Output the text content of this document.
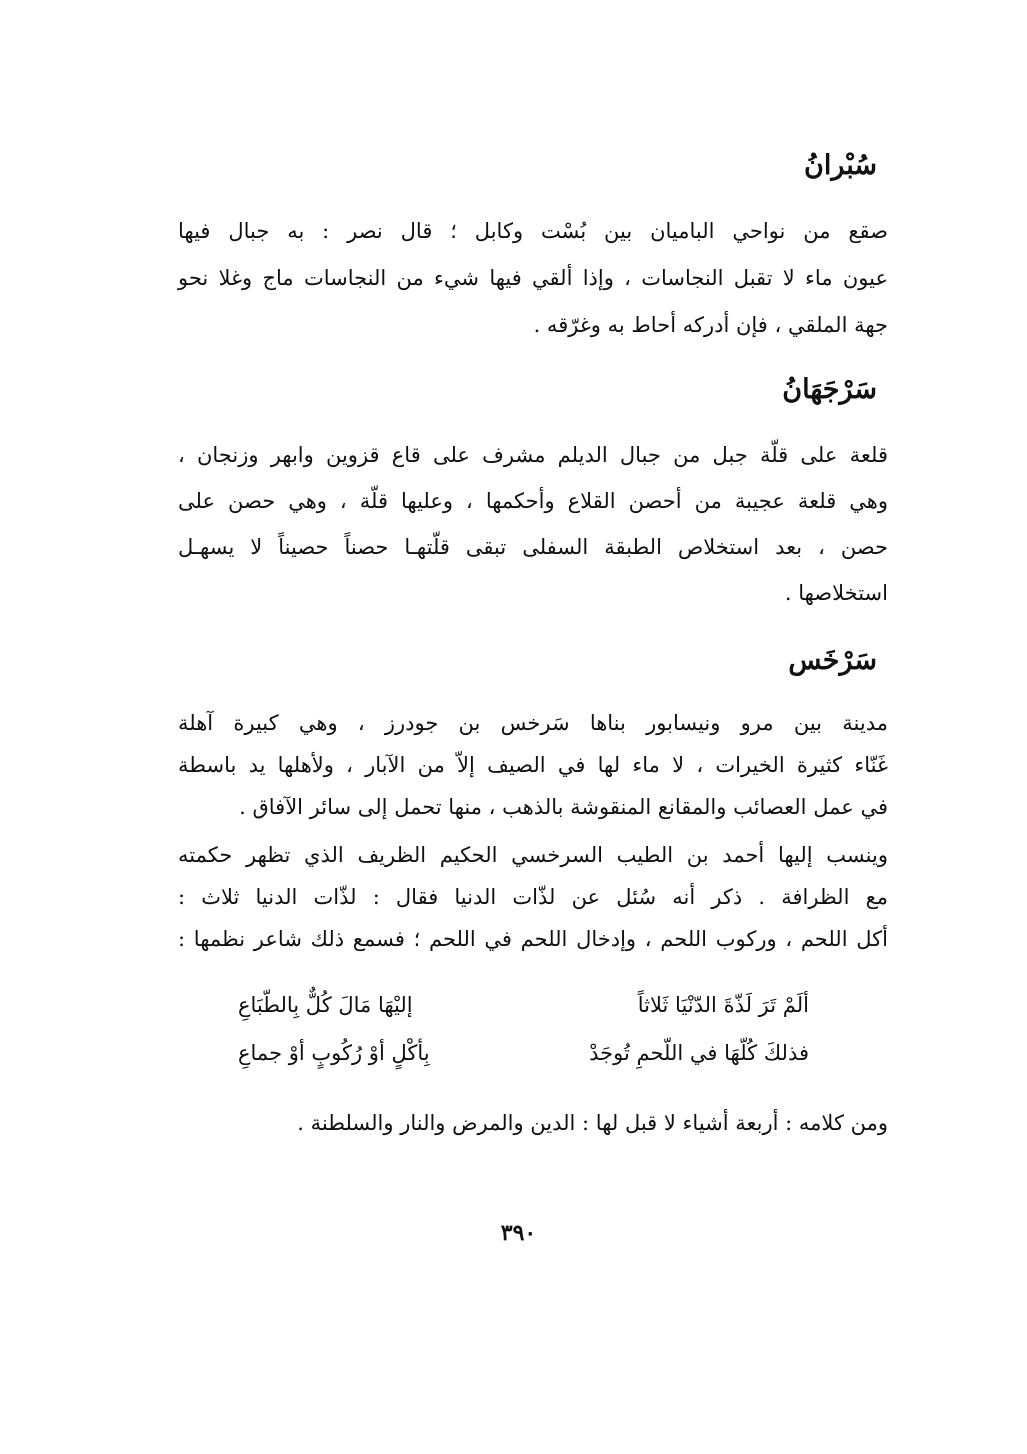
سُبْرانُ
صقع من نواحي الباميان بين بُسْت وكابل ؛ قال نصر : به جبال فيها
عيون ماء لا تقبل النجاسات ، وإذا ألقي فيها شيء من النجاسات ماج وغلا نحو
جهة الملقي ، فإن أدركه أحاط به وغرّقه .
سَرْجَهَانُ
قلعة على قلّة جبل من جبال الديلم مشرف على قاع قزوين وابهر وزنجان ،
وهي قلعة عجيبة من أحصن القلاع وأحكمها ، وعليها قلّة ، وهي حصن على
حصن ، بعد استخلاص الطبقة السفلى تبقى قلّتهـا حصناً حصيناً لا يسهـل
استخلاصها .
سَرْخَس
مدينة بين مرو ونيسابور بناها سَرخس بن جودرز ، وهي كبيرة آهلة
غَنّاء كثيرة الخيرات ، لا ماء لها في الصيف إلاّ من الآبار ، ولأهلها يد باسطة
في عمل العصائب والمقانع المنقوشة بالذهب ، منها تحمل إلى سائر الآفاق .
وينسب إليها أحمد بن الطيب السرخسي الحكيم الظريف الذي تظهر حكمته
مع الظرافة . ذكر أنه سُئل عن لذّات الدنيا فقال : لذّات الدنيا ثلاث :
أكل اللحم ، وركوب اللحم ، وإدخال اللحم في اللحم ؛ فسمع ذلك شاعر نظمها :
ألَمْ تَرَ لَذّةَ الدّنْيَا ثَلاثاً
إليْهَا مَالَ كُلٌّ بِالطّبَاعِ
فذلكَ كُلّهَا في اللّحمِ تُوجَدْ
بِأكْلٍ أوْ رُكُوبٍ أوْ جماعِ
ومن كلامه : أربعة أشياء لا قبل لها : الدين والمرض والنار والسلطنة .
٣٩٠
